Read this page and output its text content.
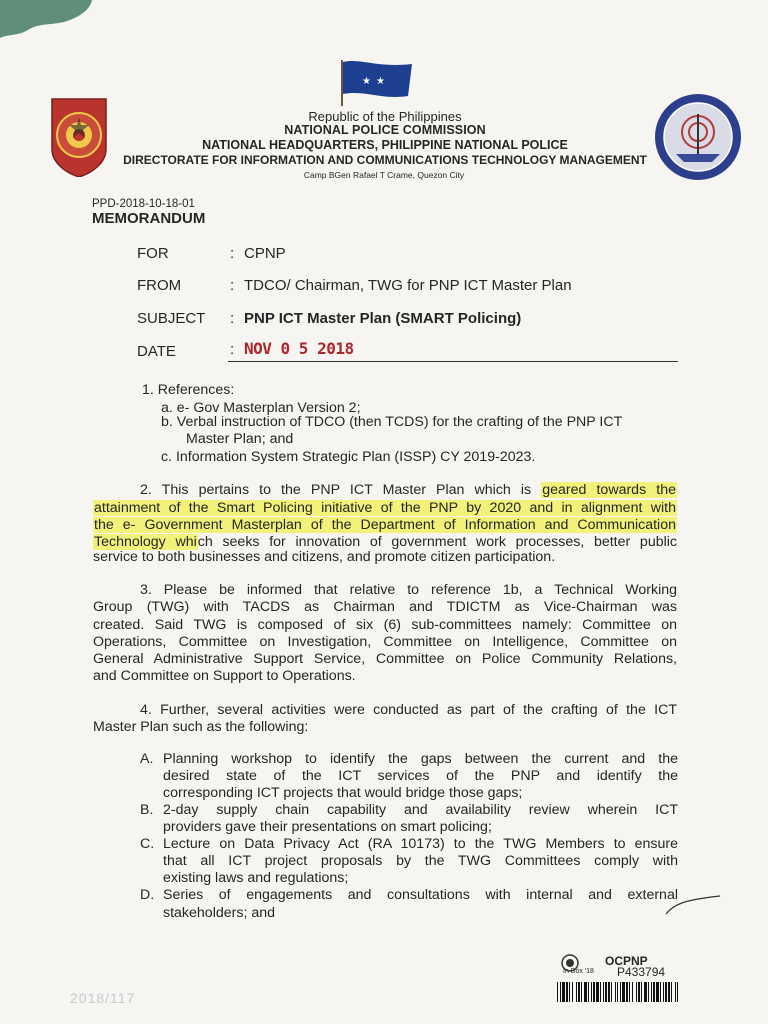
★ ★
Republic of the Philippines
NATIONAL POLICE COMMISSION
NATIONAL HEADQUARTERS, PHILIPPINE NATIONAL POLICE
DIRECTORATE FOR INFORMATION AND COMMUNICATIONS TECHNOLOGY MANAGEMENT
Camp BGen Rafael T Crame, Quezon City
PPD-2018-10-18-01
MEMORANDUM
FOR	: CPNP
FROM	: TDCO/ Chairman, TWG for PNP ICT Master Plan
SUBJECT : PNP ICT Master Plan (SMART Policing)
DATE	: NOV 0 5 2018
1. References:
a. e- Gov Masterplan Version 2;
b. Verbal instruction of TDCO (then TCDS) for the crafting of the PNP ICT
Master Plan; and
c. Information System Strategic Plan (ISSP) CY 2019-2023.
2. This pertains to the PNP ICT Master Plan which is geared towards the
attainment of the Smart Policing initiative of the PNP by 2020 and in alignment with
the e- Government Masterplan of the Department of Information and Communication
Technology which seeks for innovation of government work processes, better public
service to both businesses and citizens, and promote citizen participation.
3. Please be informed that relative to reference 1b, a Technical Working
Group (TWG) with TACDS as Chairman and TDICTM as Vice-Chairman was
created. Said TWG is composed of six (6) sub-committees namely: Committee on
Operations, Committee on Investigation, Committee on Intelligence, Committee on
General Administrative Support Service, Committee on Police Community Relations,
and Committee on Support to Operations.
4. Further, several activities were conducted as part of the crafting of the ICT
Master Plan such as the following:
A. Planning workshop to identify the gaps between the current and the
desired state of the ICT services of the PNP and identify the
corresponding ICT projects that would bridge those gaps;
B. 2-day supply chain capability and availability review wherein ICT
providers gave their presentations on smart policing;
C. Lecture on Data Privacy Act (RA 10173) to the TWG Members to ensure
that all ICT project proposals by the TWG Committees comply with
existing laws and regulations;
D. Series of engagements and consultations with internal and external
stakeholders; and
OCPNP
In Box '18 P433794
2018/117
